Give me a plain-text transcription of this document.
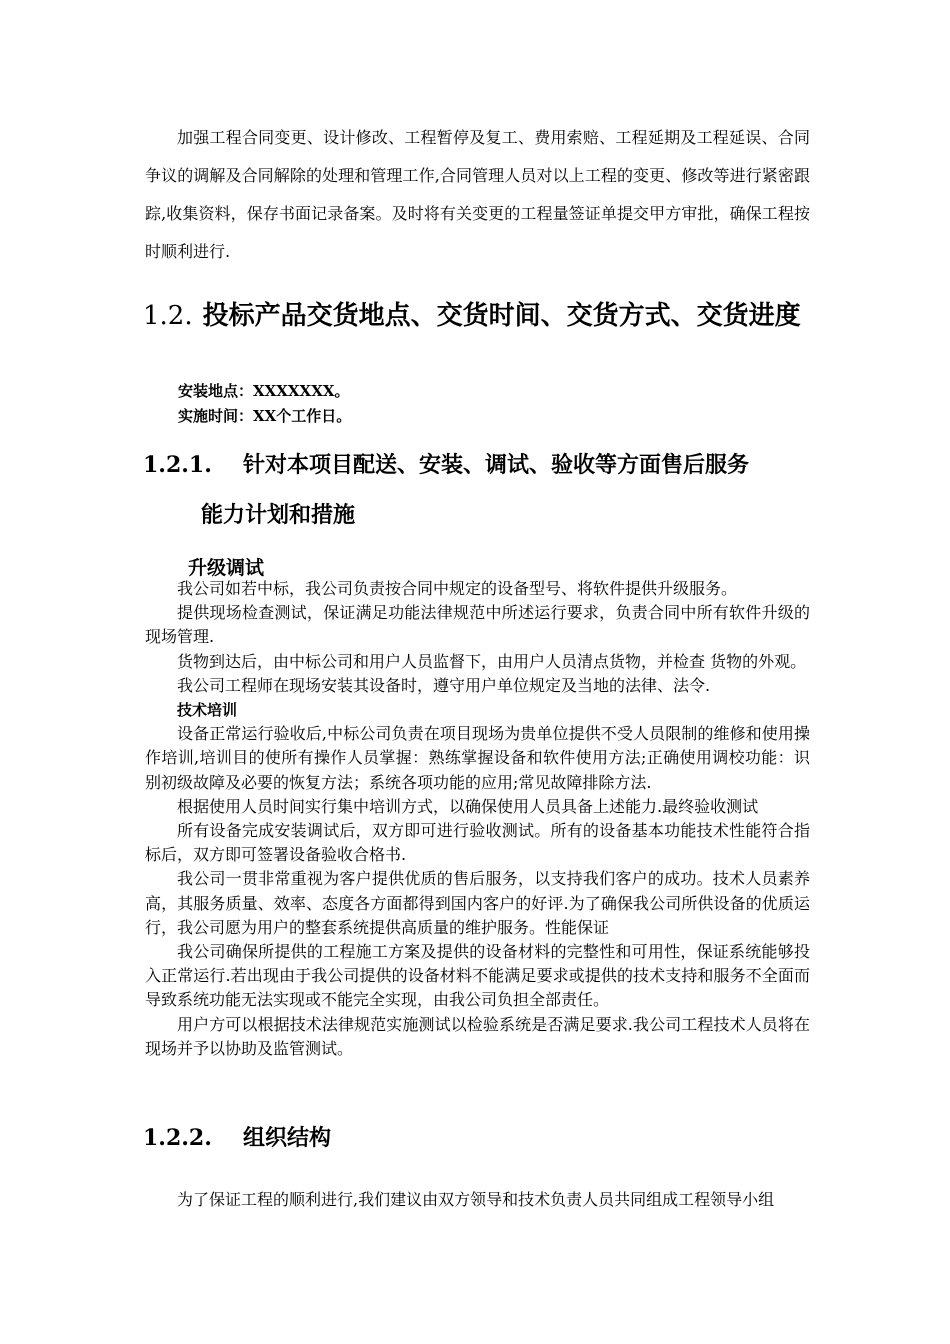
加强工程合同变更、设计修改、工程暂停及复工、费用索赔、工程延期及工程延误、合同争议的调解及合同解除的处理和管理工作,合同管理人员对以上工程的变更、修改等进行紧密跟踪,收集资料，保存书面记录备案。及时将有关变更的工程量签证单提交甲方审批，确保工程按时顺利进行.

1.2. 投标产品交货地点、交货时间、交货方式、交货进度

安装地点：XXXXXXX。

实施时间：XX个工作日。

1.2.1. 针对本项目配送、安装、调试、验收等方面售后服务
能力计划和措施
升级调试

我公司如若中标，我公司负责按合同中规定的设备型号、将软件提供升级服务。

提供现场检查测试，保证满足功能法律规范中所述运行要求，负责合同中所有软件升级的现场管理.

货物到达后，由中标公司和用户人员监督下，由用户人员清点货物，并检查 货物的外观。

我公司工程师在现场安装其设备时，遵守用户单位规定及当地的法律、法令.

技术培训

设备正常运行验收后,中标公司负责在项目现场为贵单位提供不受人员限制的维修和使用操作培训,培训目的使所有操作人员掌握：熟练掌握设备和软件使用方法;正确使用调校功能：识别初级故障及必要的恢复方法；系统各项功能的应用;常见故障排除方法.

根据使用人员时间实行集中培训方式，以确保使用人员具备上述能力.最终验收测试

所有设备完成安装调试后，双方即可进行验收测试。所有的设备基本功能技术性能符合指标后，双方即可签署设备验收合格书.

我公司一贯非常重视为客户提供优质的售后服务，以支持我们客户的成功。技术人员素养高，其服务质量、效率、态度各方面都得到国内客户的好评.为了确保我公司所供设备的优质运行，我公司愿为用户的整套系统提供高质量的维护服务。性能保证

我公司确保所提供的工程施工方案及提供的设备材料的完整性和可用性，保证系统能够投入正常运行.若出现由于我公司提供的设备材料不能满足要求或提供的技术支持和服务不全面而导致系统功能无法实现或不能完全实现，由我公司负担全部责任。

用户方可以根据技术法律规范实施测试以检验系统是否满足要求.我公司工程技术人员将在现场并予以协助及监管测试。

1.2.2. 组织结构

为了保证工程的顺利进行,我们建议由双方领导和技术负责人员共同组成工程领导小组
